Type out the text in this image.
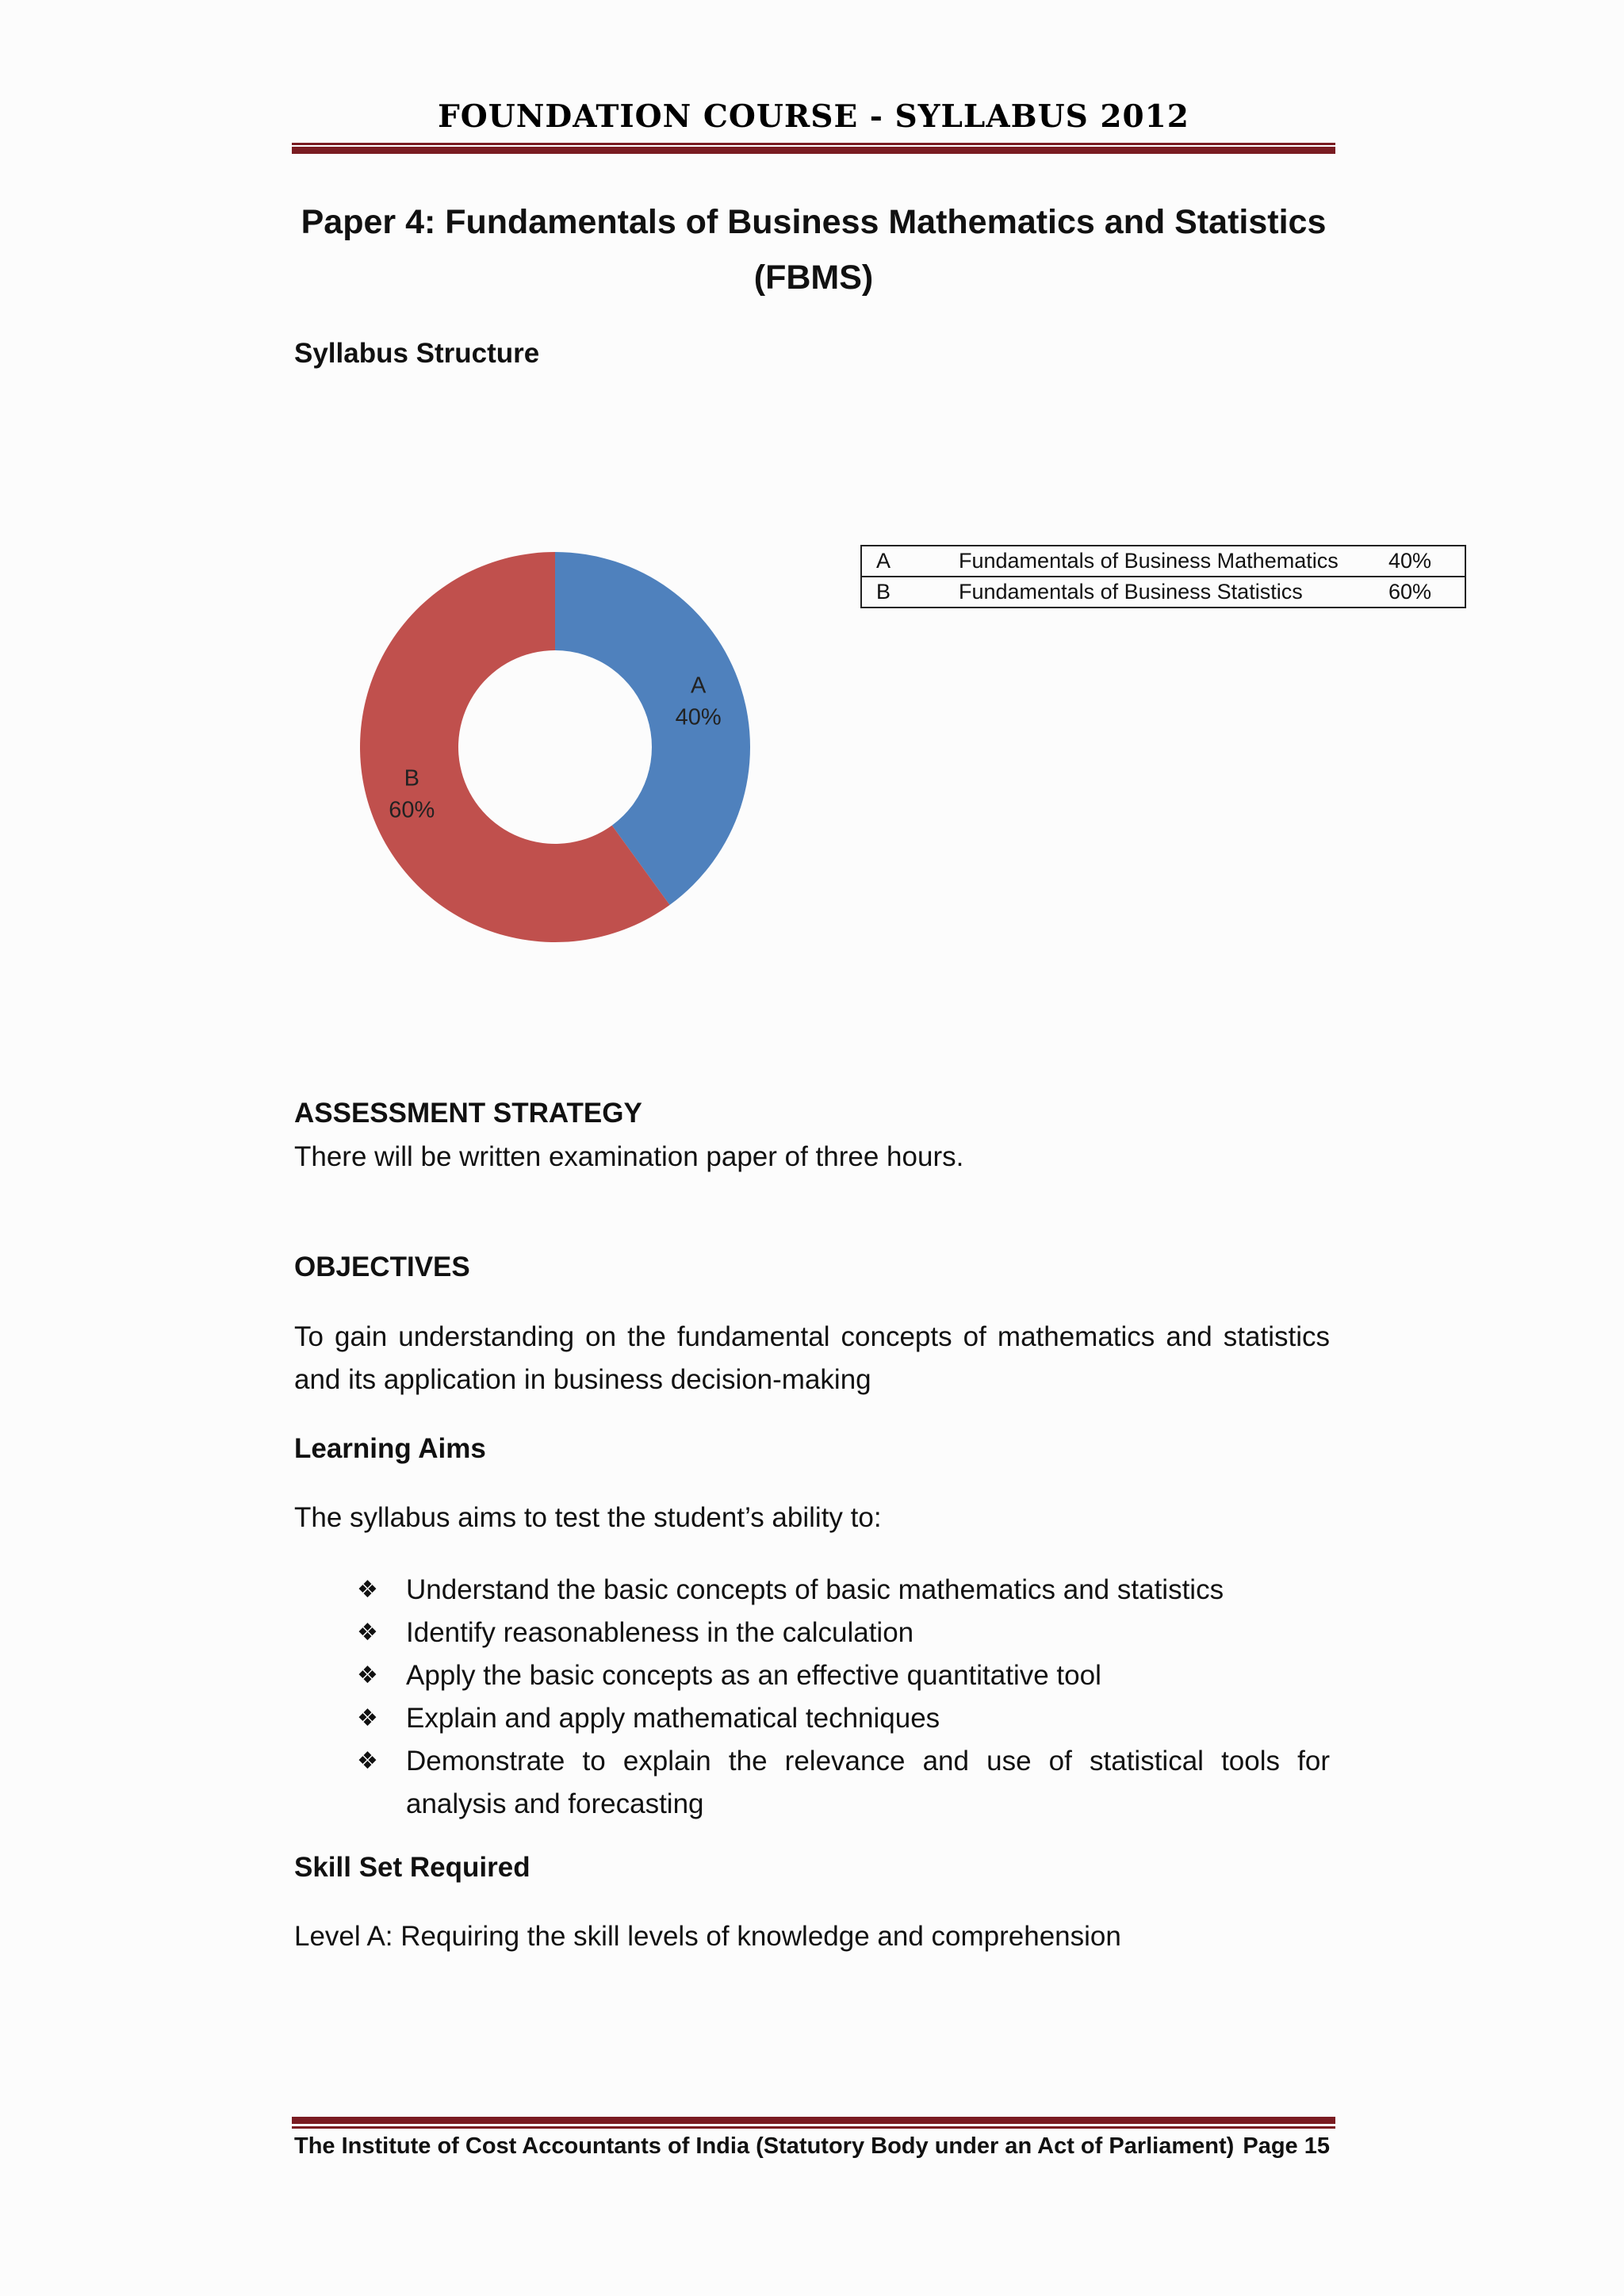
FOUNDATION COURSE - SYLLABUS 2012
Paper 4: Fundamentals of Business Mathematics and Statistics
(FBMS)
Syllabus Structure
A
40%
B
60%
A	Fundamentals of Business Mathematics	40%
B	Fundamentals of Business Statistics	60%
ASSESSMENT STRATEGY
There will be written examination paper of three hours.
OBJECTIVES
To gain understanding on the fundamental concepts of mathematics and statistics and its application in business decision-making
Learning Aims
The syllabus aims to test the student’s ability to:
❖ Understand the basic concepts of basic mathematics and statistics
❖ Identify reasonableness in the calculation
❖ Apply the basic concepts as an effective quantitative tool
❖ Explain and apply mathematical techniques
❖ Demonstrate to explain the relevance and use of statistical tools for analysis and forecasting
Skill Set Required
Level A: Requiring the skill levels of knowledge and comprehension
The Institute of Cost Accountants of India (Statutory Body under an Act of Parliament) Page 15
